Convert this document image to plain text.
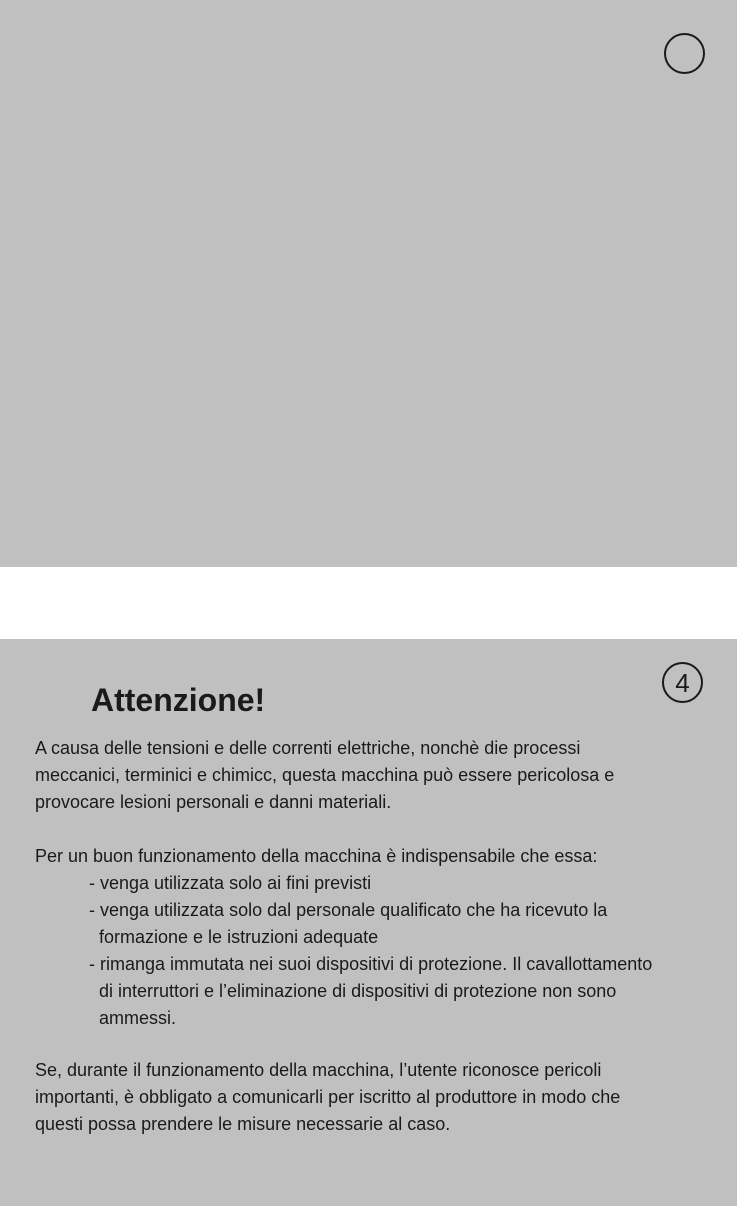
4
Attenzione!
A causa delle tensioni e delle correnti elettriche, nonchè die processi
meccanici, terminici e chimicc, questa macchina può essere pericolosa e
provocare lesioni personali e danni materiali.
Per un buon funzionamento della macchina è indispensabile che essa:
- venga utilizzata solo ai fini previsti
- venga utilizzata solo dal personale qualificato che ha ricevuto la
formazione e le istruzioni adequate
- rimanga immutata nei suoi dispositivi di protezione. Il cavallottamento
di interruttori e l’eliminazione di dispositivi di protezione non sono
ammessi.
Se, durante il funzionamento della macchina, l’utente riconosce pericoli
importanti, è obbligato a comunicarli per iscritto al produttore in modo che
questi possa prendere le misure necessarie al caso.
